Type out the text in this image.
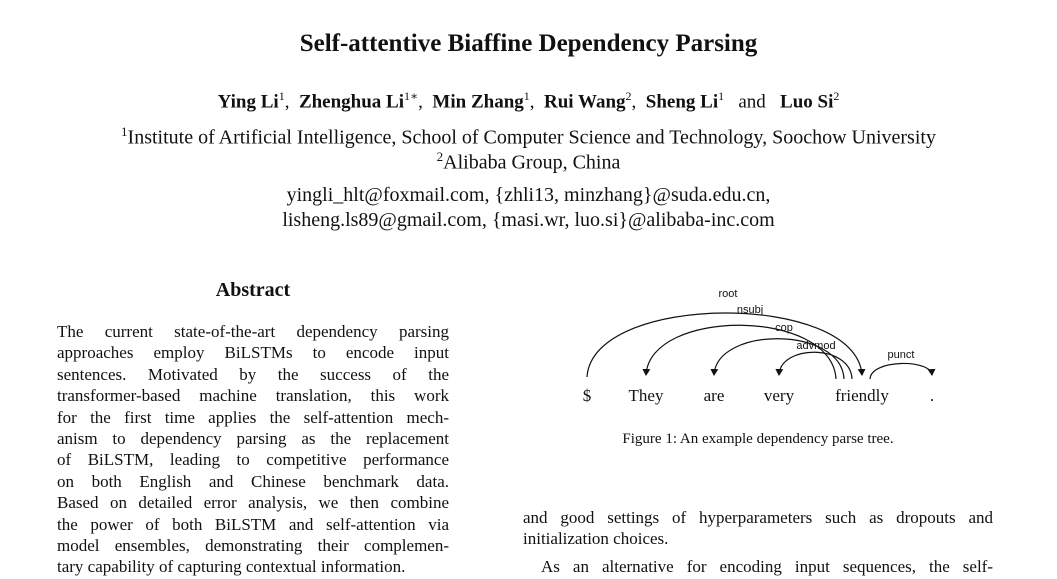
Self-attentive Biaffine Dependency Parsing
Ying Li$^1$, Zhenghua $Li^{1∗}$, Min Zhang$^1$, Rui Wang$^2$, Sheng Li$^1$ and Luo Si$^2$
$^1$Institute of Artificial Intelligence, School of Computer Science and Technology, Soochow University
$^2$Alibaba Group, China
yingli_hlt@foxmail.com, {zhli13, minzhang}@suda.edu.cn,
lisheng.ls89@gmail.com, {masi.wr, luo.si}@alibaba-inc.com
Abstract
The current state-of-the-art dependency parsing
approaches employ BiLSTMs to encode input
sentences. Motivated by the success of the
transformer-based machine translation, this work
for the first time applies the self-attention mech-
anism to dependency parsing as the replacement
of BiLSTM, leading to competitive performance
on both English and Chinese benchmark data.
Based on detailed error analysis, we then combine
the power of both BiLSTM and self-attention via
model ensembles, demonstrating their complemen-
tary capability of capturing contextual information.
root
nsubj
cop
advmod
punct
$ They are very friendly .
Figure 1: An example dependency parse tree.
and good settings of hyperparameters such as dropouts and
initialization choices.
As an alternative for encoding input sequences, the self-
